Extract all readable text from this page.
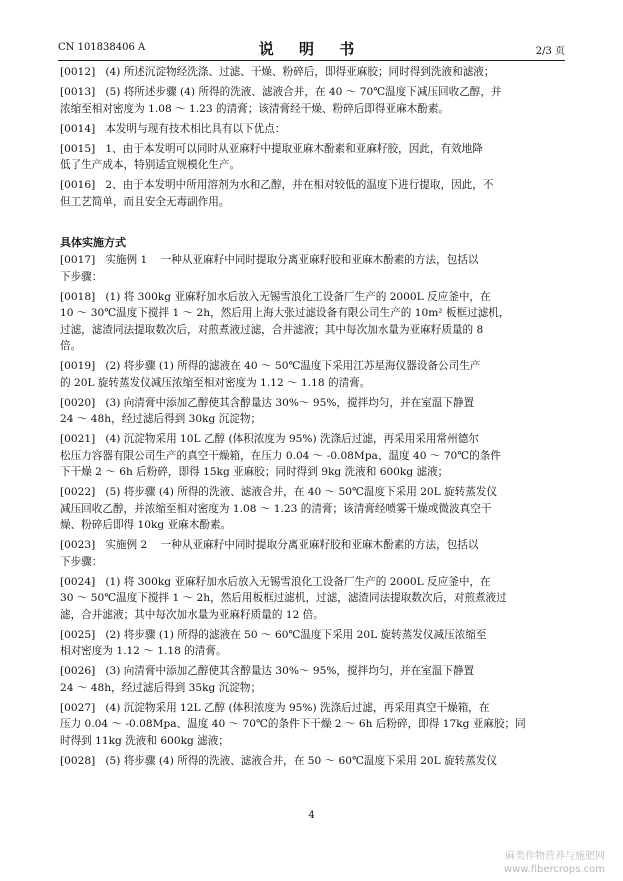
CN 101838406 A	说 明 书	2/3 页
[0012]   (4) 所述沉淀物经洗涤、过滤、干燥、粉碎后，即得亚麻胶；同时得到洗液和滤液；
[0013]   (5) 将所述步骤 (4) 所得的洗液、滤液合并，在 40 ～ 70℃温度下减压回收乙醇，并
浓缩至相对密度为 1.08 ～ 1.23 的清膏；该清膏经干燥、粉碎后即得亚麻木酚素。
[0014]   本发明与现有技术相比具有以下优点：
[0015]   1、由于本发明可以同时从亚麻籽中提取亚麻木酚素和亚麻籽胶，因此，有效地降
低了生产成本，特别适宜规模化生产。
[0016]   2、由于本发明中所用溶剂为水和乙醇，并在相对较低的温度下进行提取，因此，不
但工艺简单，而且安全无毒副作用。
具体实施方式
[0017]   实施例 1    一种从亚麻籽中同时提取分离亚麻籽胶和亚麻木酚素的方法，包括以
下步骤：
[0018]   (1) 将 300kg 亚麻籽加水后放入无锡雪浪化工设备厂生产的 2000L 反应釜中，在
10 ～ 30℃温度下搅拌 1 ～ 2h，然后用上海大张过滤设备有限公司生产的 10m² 板框过滤机，
过滤，滤渣同法提取数次后，对煎煮液过滤，合并滤液；其中每次加水量为亚麻籽质量的 8
倍。
[0019]   (2) 将步骤 (1) 所得的滤液在 40 ～ 50℃温度下采用江苏星海仪器设备公司生产
的 20L 旋转蒸发仪减压浓缩至相对密度为 1.12 ～ 1.18 的清膏。
[0020]   (3) 向清膏中添加乙醇使其含醇量达 30%～ 95%，搅拌均匀，并在室温下静置
24 ～ 48h，经过滤后得到 30kg 沉淀物；
[0021]   (4) 沉淀物采用 10L 乙醇 (体积浓度为 95%) 洗涤后过滤，再采用采用常州德尔
松压力容器有限公司生产的真空干燥箱，在压力 0.04 ～ -0.08Mpa、温度 40 ～ 70℃的条件
下干燥 2 ～ 6h 后粉碎，即得 15kg 亚麻胶；同时得到 9kg 洗液和 600kg 滤液；
[0022]   (5) 将步骤 (4) 所得的洗液、滤液合并，在 40 ～ 50℃温度下采用 20L 旋转蒸发仪
减压回收乙醇，并浓缩至相对密度为 1.08 ～ 1.23 的清膏；该清膏经喷雾干燥或微波真空干
燥、粉碎后即得 10kg 亚麻木酚素。
[0023]   实施例 2    一种从亚麻籽中同时提取分离亚麻籽胶和亚麻木酚素的方法，包括以
下步骤：
[0024]   (1) 将 300kg 亚麻籽加水后放入无锡雪浪化工设备厂生产的 2000L 反应釜中，在
30 ～ 50℃温度下搅拌 1 ～ 2h，然后用板框过滤机，过滤，滤渣同法提取数次后，对煎煮液过
滤，合并滤液；其中每次加水量为亚麻籽质量的 12 倍。
[0025]   (2) 将步骤 (1) 所得的滤液在 50 ～ 60℃温度下采用 20L 旋转蒸发仪减压浓缩至
相对密度为 1.12 ～ 1.18 的清膏。
[0026]   (3) 向清膏中添加乙醇使其含醇量达 30%～ 95%，搅拌均匀，并在室温下静置
24 ～ 48h，经过滤后得到 35kg 沉淀物；
[0027]   (4) 沉淀物采用 12L 乙醇 (体积浓度为 95%) 洗涤后过滤，再采用真空干燥箱，在
压力 0.04 ～ -0.08Mpa、温度 40 ～ 70℃的条件下干燥 2 ～ 6h 后粉碎，即得 17kg 亚麻胶；同
时得到 11kg 洗液和 600kg 滤液；
[0028]   (5) 将步骤 (4) 所得的洗液、滤液合并，在 50 ～ 60℃温度下采用 20L 旋转蒸发仪
4
麻类作物营养与施肥网
www.fibercrops.com
